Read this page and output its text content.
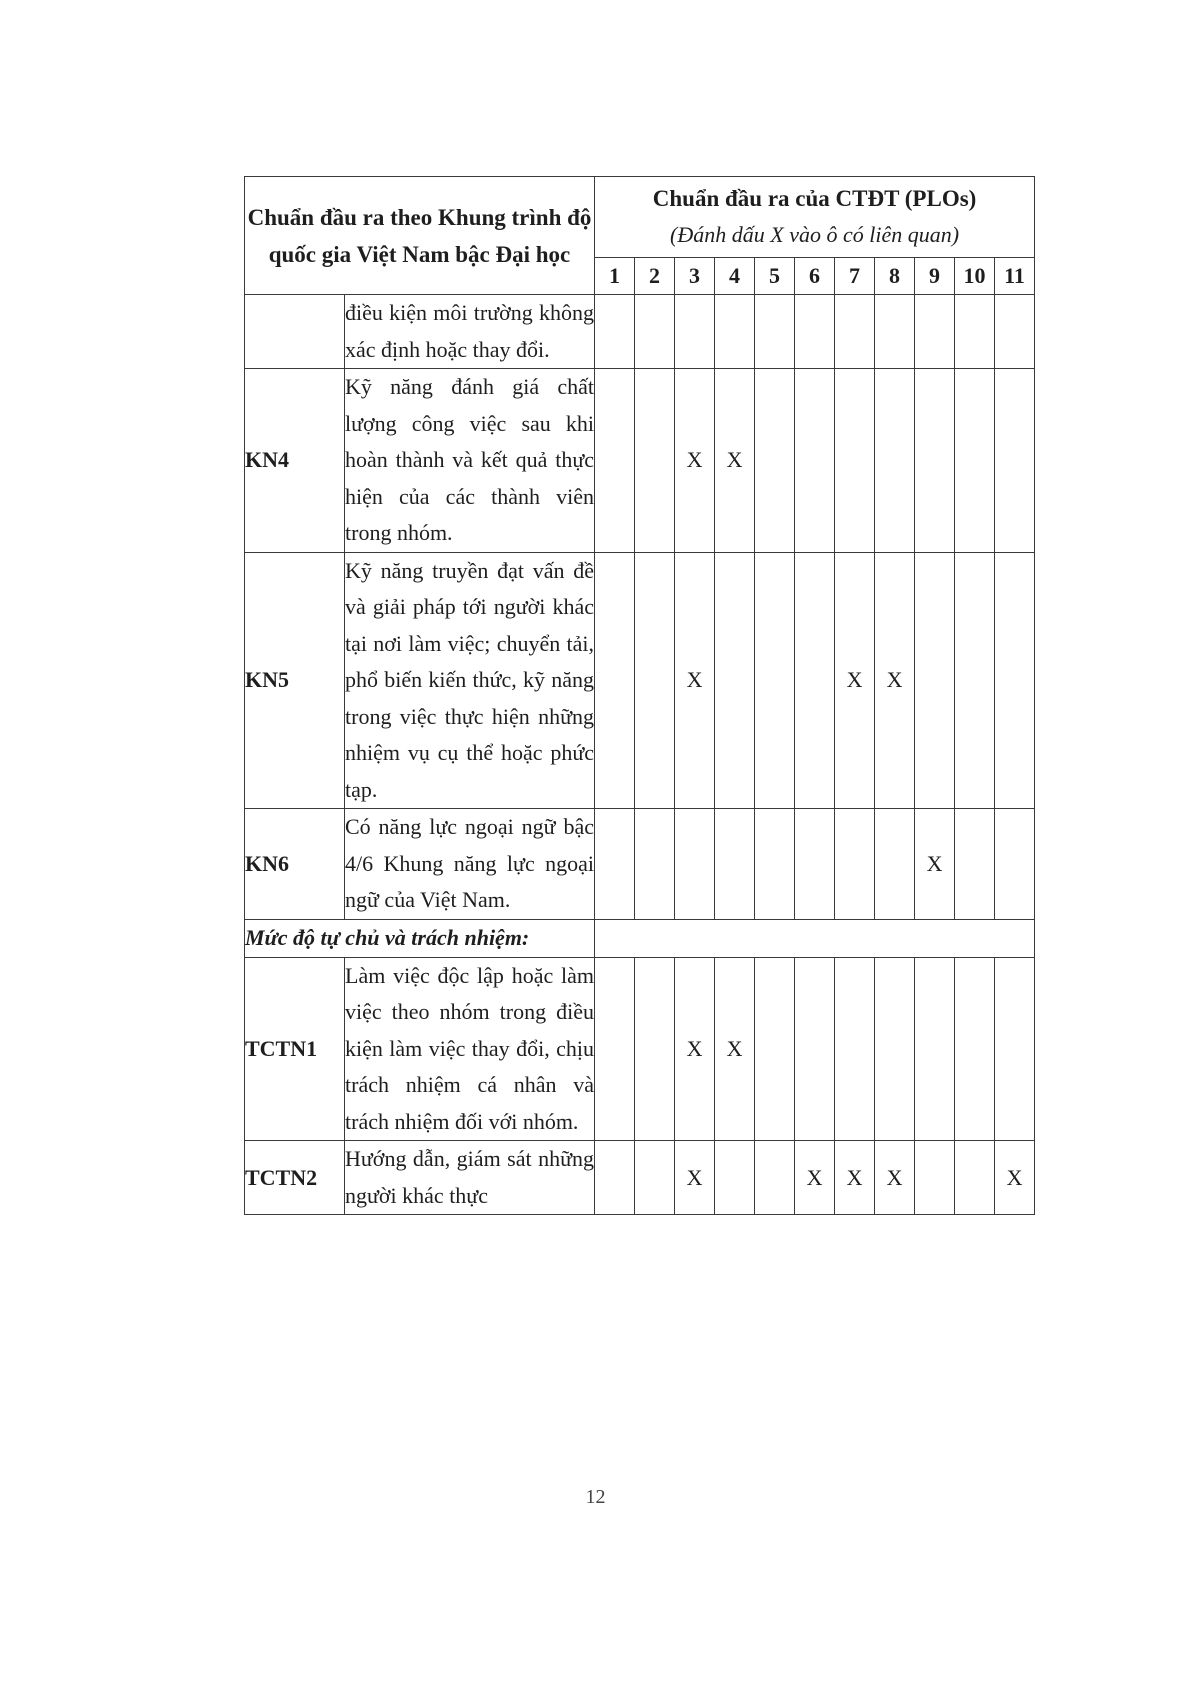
Chuẩn đầu ra theo Khung trình độ quốc gia Việt Nam bậc Đại học		Chuẩn đầu ra của CTĐT (PLOs)
(Đánh dấu X vào ô có liên quan)										

		1	2	3	4	5	6	7	8	9	10	11
	điều kiện môi trường không xác định hoặc thay đổi.											
KN4	Kỹ năng đánh giá chất lượng công việc sau khi hoàn thành và kết quả thực hiện của các thành viên trong nhóm.			X	X							
KN5	Kỹ năng truyền đạt vấn đề và giải pháp tới người khác tại nơi làm việc; chuyển tải, phổ biến kiến thức, kỹ năng trong việc thực hiện những nhiệm vụ cụ thể hoặc phức tạp.			X				X	X			
KN6	Có năng lực ngoại ngữ bậc 4/6 Khung năng lực ngoại ngữ của Việt Nam.									X		
Mức độ tự chủ và trách nhiệm:												
TCTN1	Làm việc độc lập hoặc làm việc theo nhóm trong điều kiện làm việc thay đổi, chịu trách nhiệm cá nhân và trách nhiệm đối với nhóm.			X	X							
TCTN2	Hướng dẫn, giám sát những người khác thực			X			X	X	X			X
12
